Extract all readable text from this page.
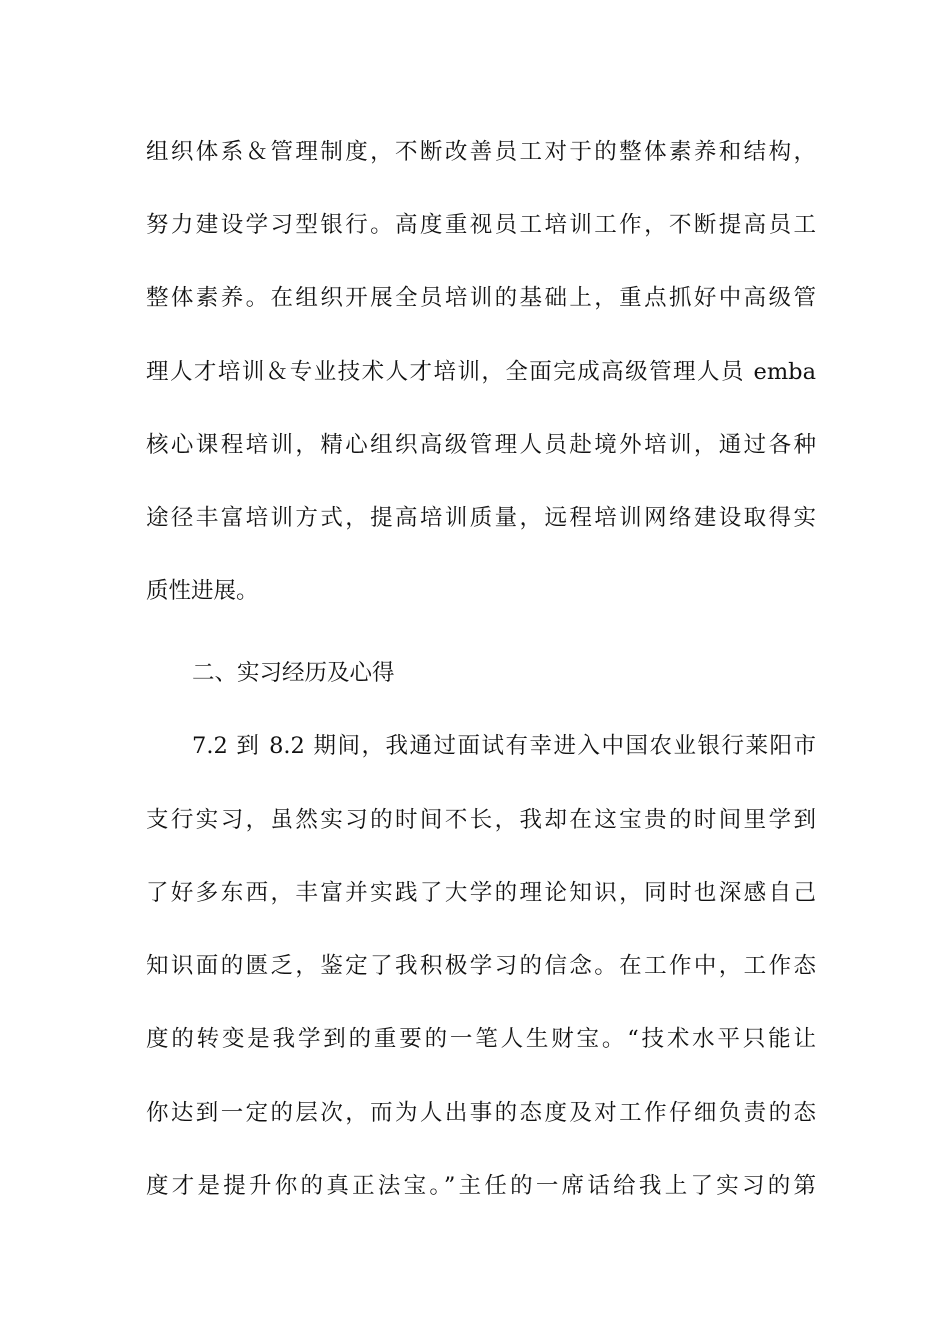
组织体系＆管理制度，不断改善员工对于的整体素养和结构，
努力建设学习型银行。高度重视员工培训工作，不断提高员工
整体素养。在组织开展全员培训的基础上，重点抓好中高级管
理人才培训＆专业技术人才培训，全面完成高级管理人员 emba
核心课程培训，精心组织高级管理人员赴境外培训，通过各种
途径丰富培训方式，提高培训质量，远程培训网络建设取得实
质性进展。
二、实习经历及心得
7.2 到 8.2 期间，我通过面试有幸进入中国农业银行莱阳市
支行实习，虽然实习的时间不长，我却在这宝贵的时间里学到
了好多东西，丰富并实践了大学的理论知识，同时也深感自己
知识面的匮乏，鉴定了我积极学习的信念。在工作中，工作态
度的转变是我学到的重要的一笔人生财宝。“技术水平只能让
你达到一定的层次，而为人出事的态度及对工作仔细负责的态
度才是提升你的真正法宝。”主任的一席话给我上了实习的第
